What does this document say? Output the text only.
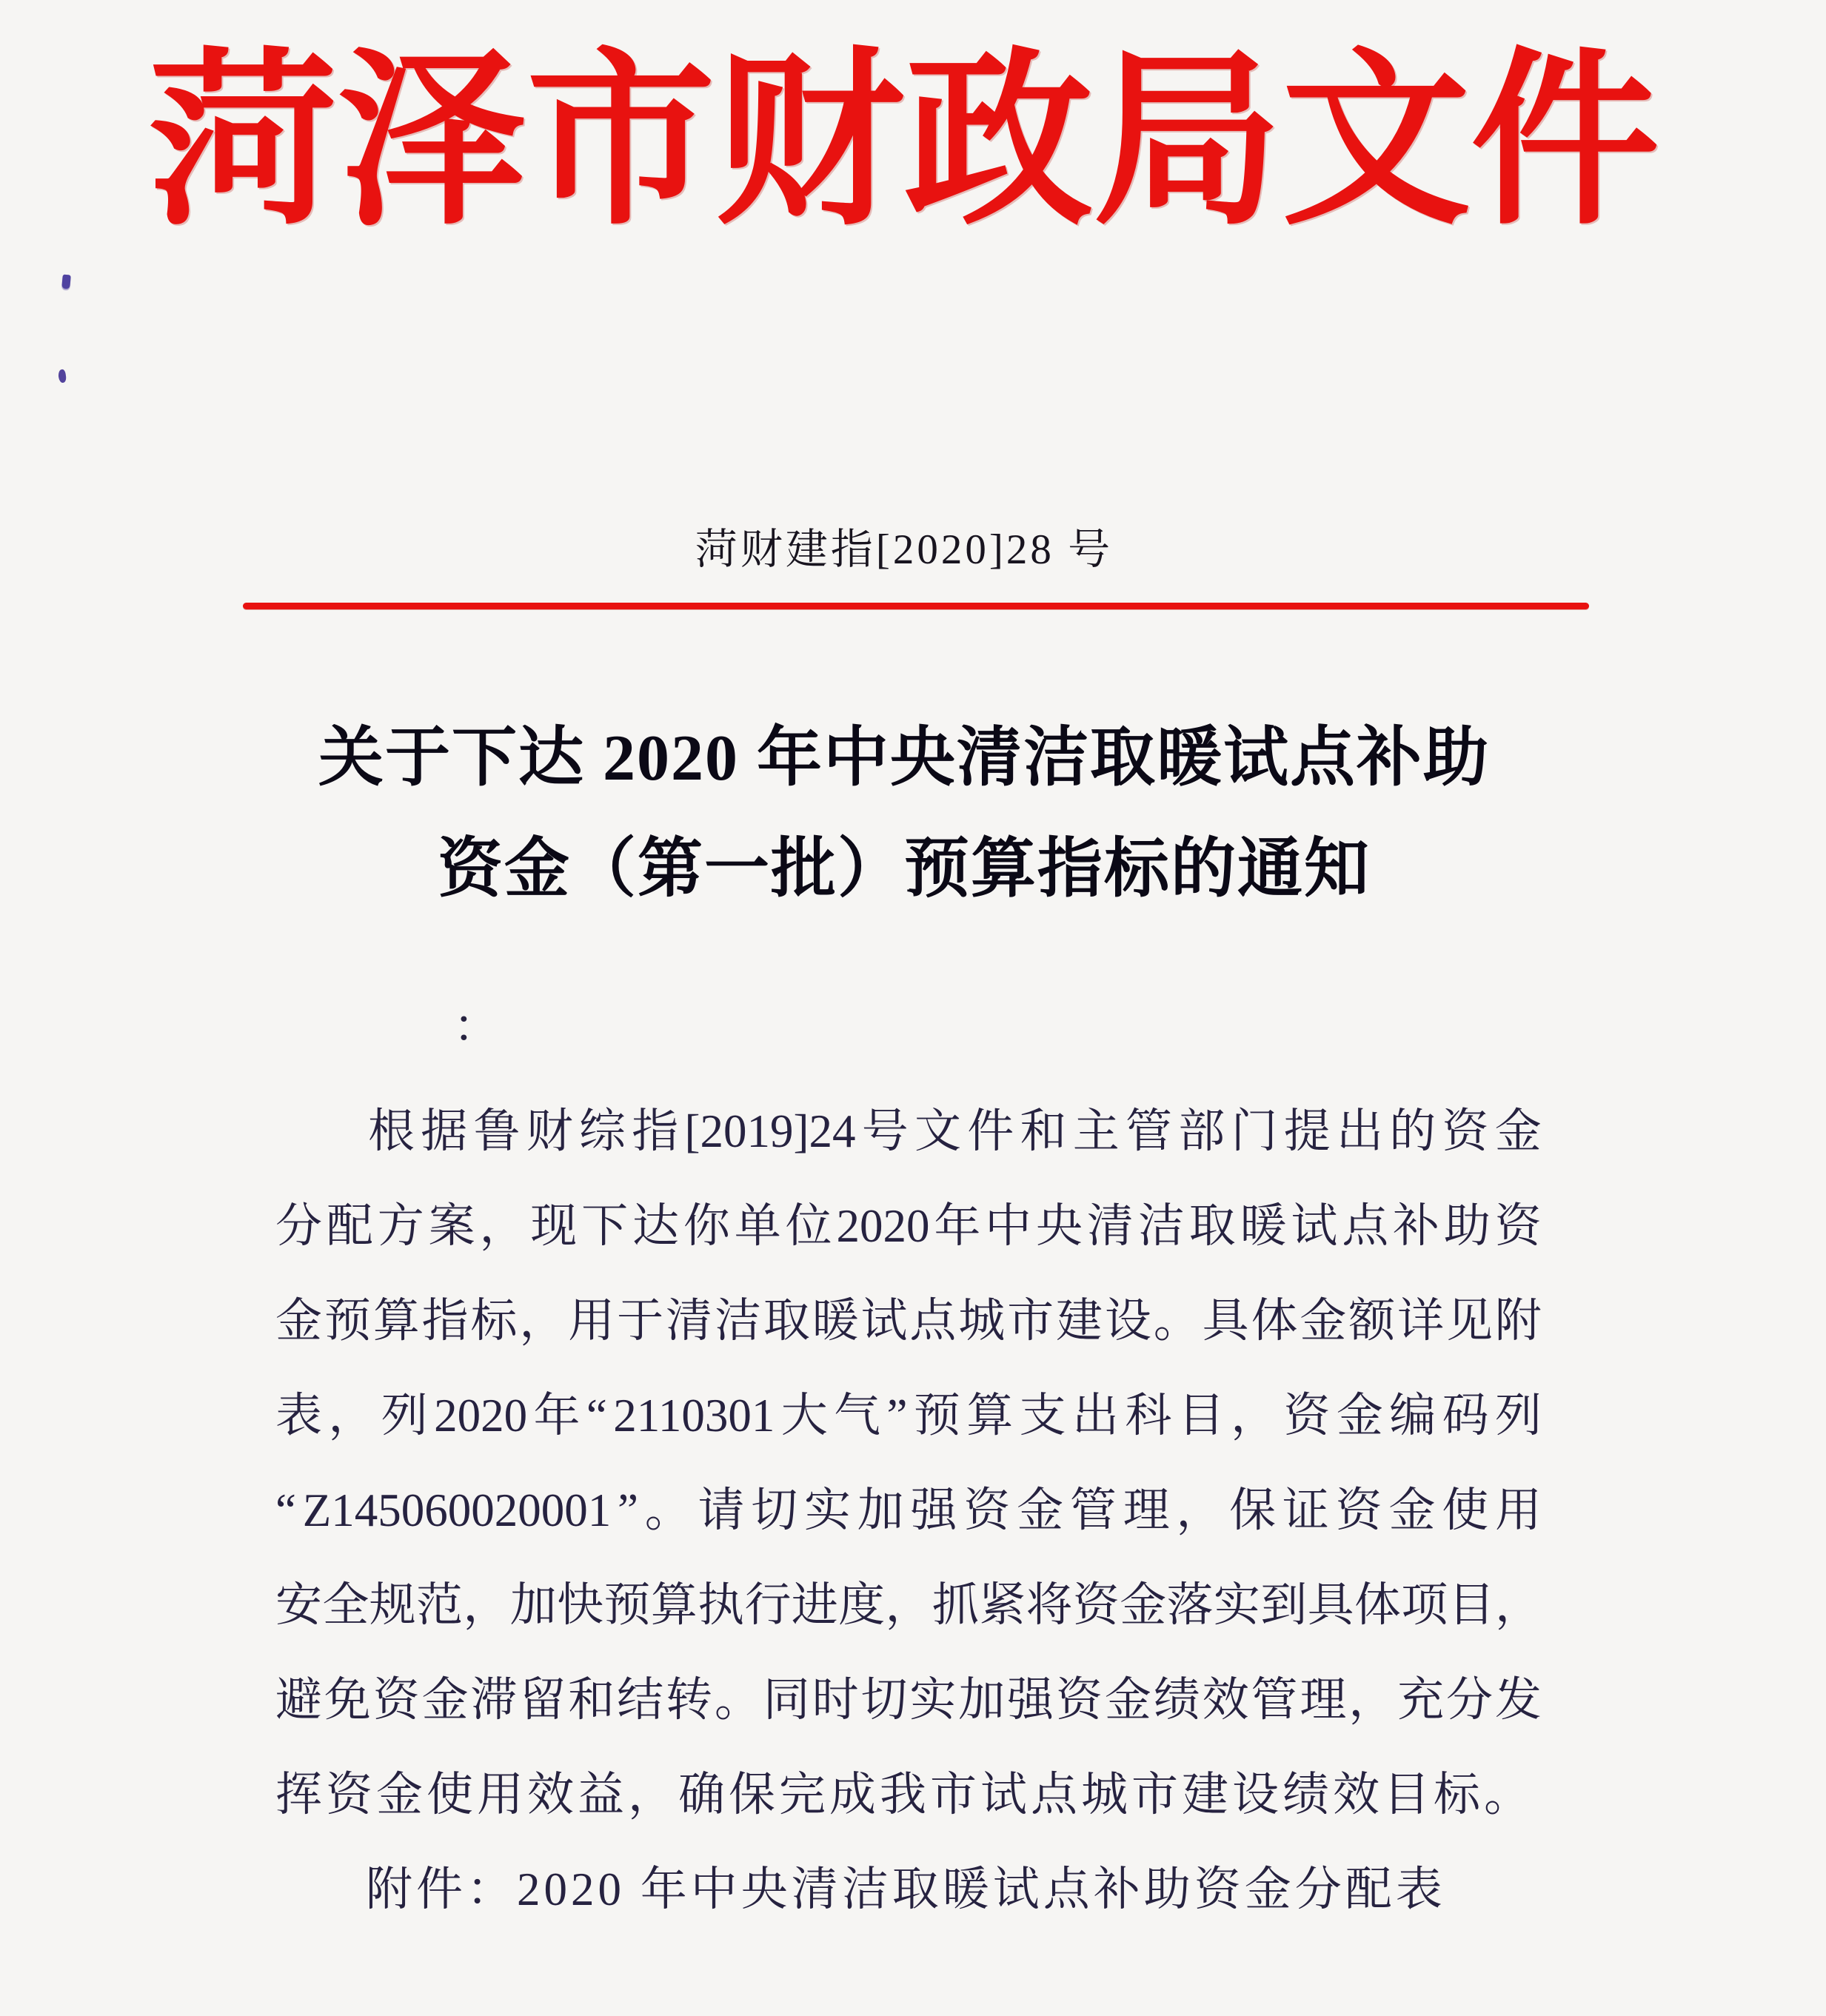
菏泽市财政局文件
菏财建指[2020]28 号
关于下达 2020 年中央清洁取暖试点补助
资金（第一批）预算指标的通知
：
根 据 鲁 财 综 指 [2019]24 号 文 件 和 主 管 部 门 提 出 的 资 金
分 配 方 案 ， 现 下 达 你 单 位 2020 年 中 央 清 洁 取 暖 试 点 补 助 资
金 预 算 指 标 ， 用 于 清 洁 取 暖 试 点 城 市 建 设 。 具 体 金 额 详 见 附
表 ， 列 2020 年 “ 2110301 大 气 ” 预 算 支 出 科 目 ， 资 金 编 码 列
“ Z145060020001 ” 。 请 切 实 加 强 资 金 管 理 ， 保 证 资 金 使 用
安 全 规 范 ， 加 快 预 算 执 行 进 度 ， 抓 紧 将 资 金 落 实 到 具 体 项 目 ，
避 免 资 金 滞 留 和 结 转 。 同 时 切 实 加 强 资 金 绩 效 管 理 ， 充 分 发
挥资金使用效益，确保完成我市试点城市建设绩效目标。
附件：2020 年中央清洁取暖试点补助资金分配表
